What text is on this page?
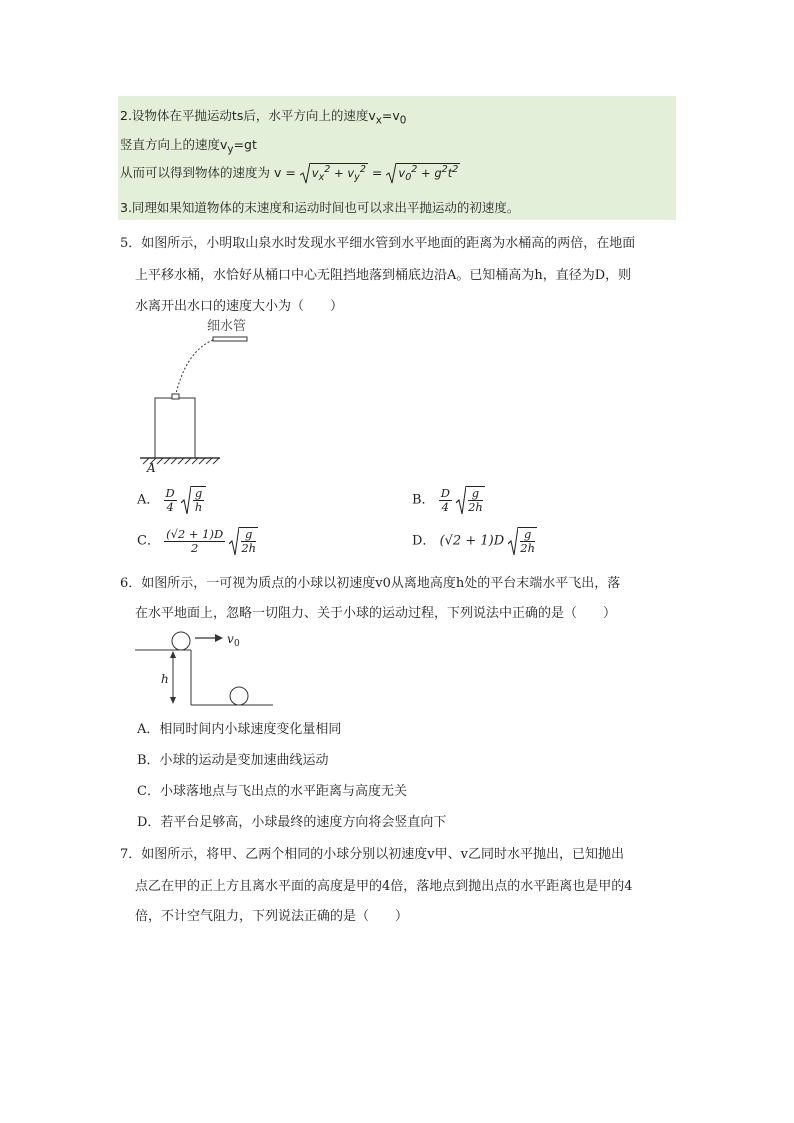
2.设物体在平抛运动ts后，水平方向上的速度$v_x=v_0$
竖直方向上的速度$v_y=gt$
从而可以得到物体的速度为 v =
$v_x^2 + v_y^2$ =
$v_0^2 + g^2t^2$
3.同理如果知道物体的末速度和运动时间也可以求出平抛运动的初速度。
5．如图所示，小明取山泉水时发现水平细水管到水平地面的距离为水桶高的两倍，在地面
上平移水桶，水恰好从桶口中心无阻挡地落到桶底边沿A。已知桶高为h，直径为D，则
水离开出水口的速度大小为（　　）
细水管
A
A． $\frac{D}{4}$
$\frac{g}{h}$	B． $\frac{D}{4}$
$\frac{g}{2h}$
C． $\frac{(√2 + 1)D}{2}$
$\frac{g}{2h}$	D． $(√2 + 1)D \frac{g}{2h}$
6．如图所示，一可视为质点的小球以初速度v0从离地高度h处的平台末端水平飞出，落
在水平地面上，忽略一切阻力、关于小球的运动过程，下列说法中正确的是（　　）
v 0
h
A．相同时间内小球速度变化量相同
B．小球的运动是变加速曲线运动
C．小球落地点与飞出点的水平距离与高度无关
D．若平台足够高，小球最终的速度方向将会竖直向下
7．如图所示，将甲、乙两个相同的小球分别以初速度v甲、v乙同时水平抛出，已知抛出
点乙在甲的正上方且离水平面的高度是甲的4倍，落地点到抛出点的水平距离也是甲的4
倍，不计空气阻力，下列说法正确的是（　　）
